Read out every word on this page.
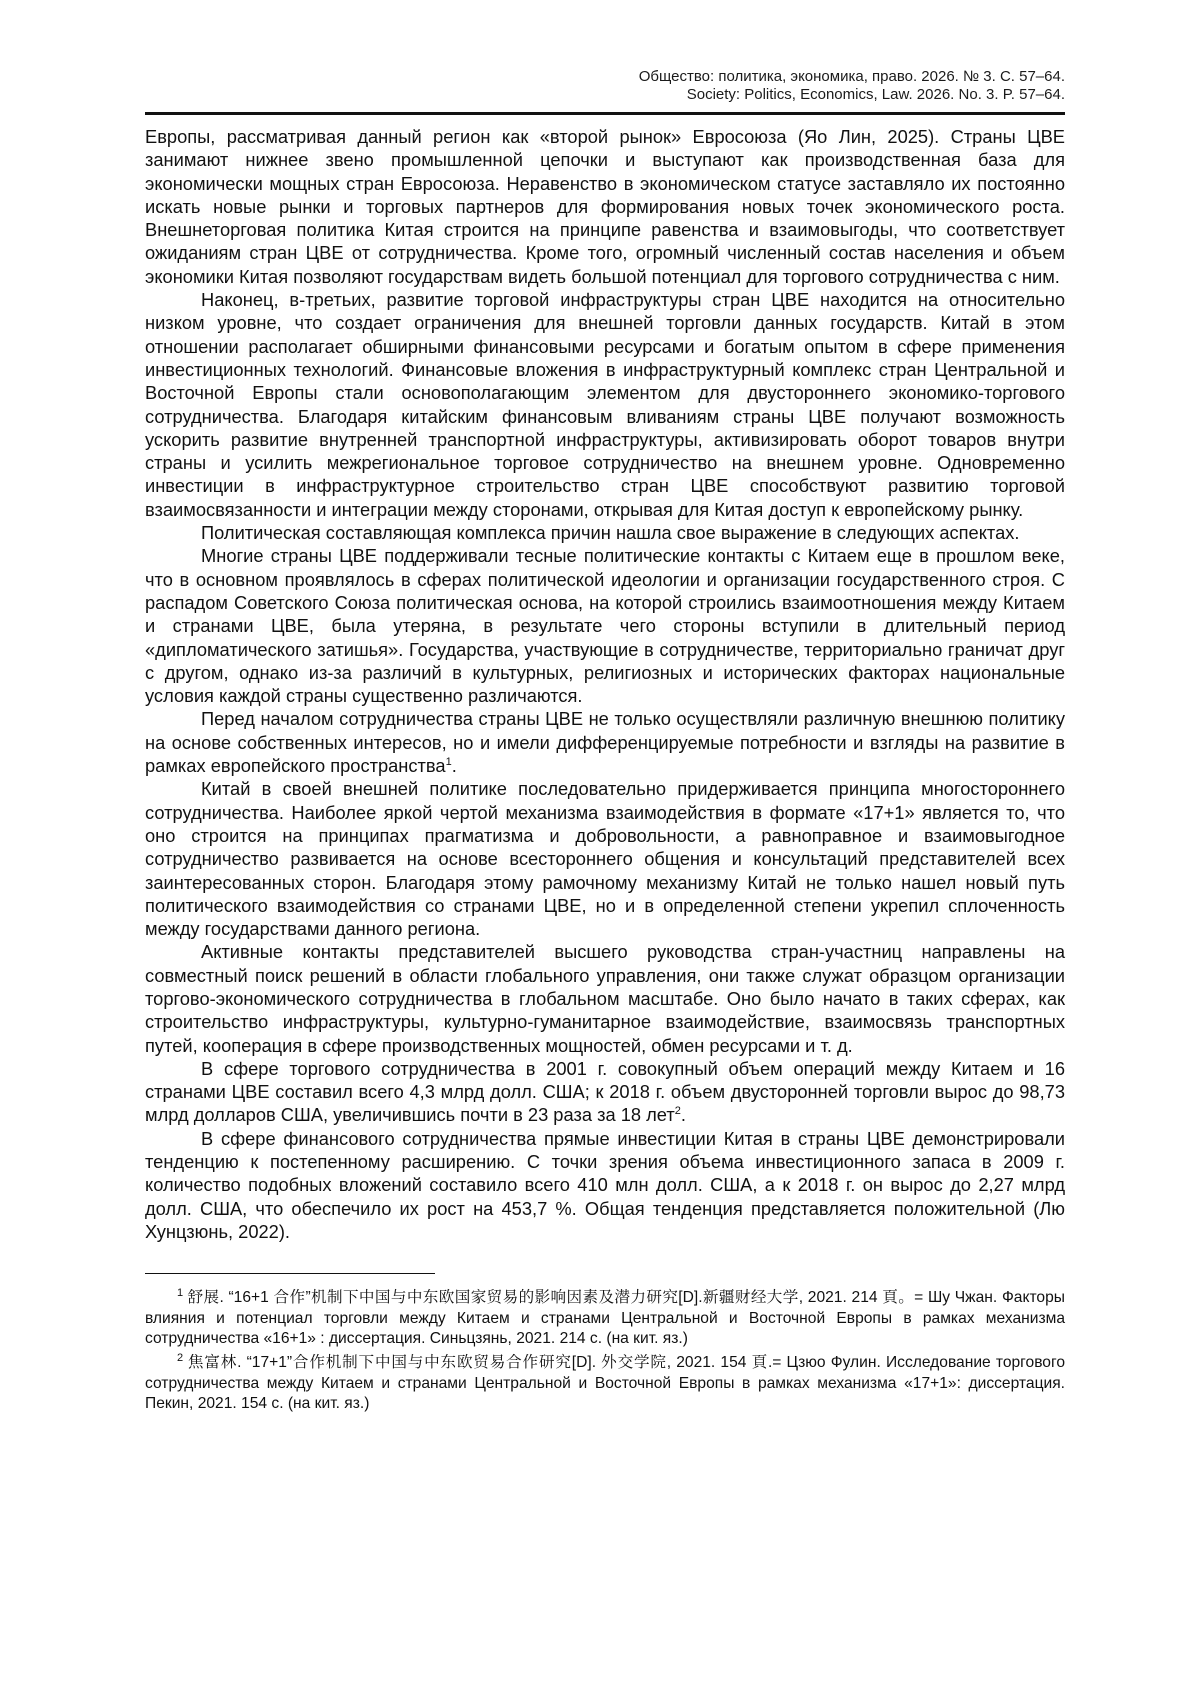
Общество: политика, экономика, право. 2026. № 3. С. 57–64.
Society: Politics, Economics, Law. 2026. No. 3. P. 57–64.

Европы, рассматривая данный регион как «второй рынок» Евросоюза (Яо Лин, 2025). Страны ЦВЕ занимают нижнее звено промышленной цепочки и выступают как производственная база для экономически мощных стран Евросоюза. Неравенство в экономическом статусе заставляло их постоянно искать новые рынки и торговых партнеров для формирования новых точек экономического роста. Внешнеторговая политика Китая строится на принципе равенства и взаимовыгоды, что соответствует ожиданиям стран ЦВЕ от сотрудничества. Кроме того, огромный численный состав населения и объем экономики Китая позволяют государствам видеть большой потенциал для торгового сотрудничества с ним.

Наконец, в-третьих, развитие торговой инфраструктуры стран ЦВЕ находится на относительно низком уровне, что создает ограничения для внешней торговли данных государств. Китай в этом отношении располагает обширными финансовыми ресурсами и богатым опытом в сфере применения инвестиционных технологий. Финансовые вложения в инфраструктурный комплекс стран Центральной и Восточной Европы стали основополагающим элементом для двустороннего экономико-торгового сотрудничества. Благодаря китайским финансовым вливаниям страны ЦВЕ получают возможность ускорить развитие внутренней транспортной инфраструктуры, активизировать оборот товаров внутри страны и усилить межрегиональное торговое сотрудничество на внешнем уровне. Одновременно инвестиции в инфраструктурное строительство стран ЦВЕ способствуют развитию торговой взаимосвязанности и интеграции между сторонами, открывая для Китая доступ к европейскому рынку.

Политическая составляющая комплекса причин нашла свое выражение в следующих аспектах.

Многие страны ЦВЕ поддерживали тесные политические контакты с Китаем еще в прошлом веке, что в основном проявлялось в сферах политической идеологии и организации государственного строя. С распадом Советского Союза политическая основа, на которой строились взаимоотношения между Китаем и странами ЦВЕ, была утеряна, в результате чего стороны вступили в длительный период «дипломатического затишья». Государства, участвующие в сотрудничестве, территориально граничат друг с другом, однако из-за различий в культурных, религиозных и исторических факторах национальные условия каждой страны существенно различаются.

Перед началом сотрудничества страны ЦВЕ не только осуществляли различную внешнюю политику на основе собственных интересов, но и имели дифференцируемые потребности и взгляды на развитие в рамках европейского пространства$^1$.

Китай в своей внешней политике последовательно придерживается принципа многостороннего сотрудничества. Наиболее яркой чертой механизма взаимодействия в формате «17+1» является то, что оно строится на принципах прагматизма и добровольности, а равноправное и взаимовыгодное сотрудничество развивается на основе всестороннего общения и консультаций представителей всех заинтересованных сторон. Благодаря этому рамочному механизму Китай не только нашел новый путь политического взаимодействия со странами ЦВЕ, но и в определенной степени укрепил сплоченность между государствами данного региона.

Активные контакты представителей высшего руководства стран-участниц направлены на совместный поиск решений в области глобального управления, они также служат образцом организации торгово-экономического сотрудничества в глобальном масштабе. Оно было начато в таких сферах, как строительство инфраструктуры, культурно-гуманитарное взаимодействие, взаимосвязь транспортных путей, кооперация в сфере производственных мощностей, обмен ресурсами и т. д.

В сфере торгового сотрудничества в 2001 г. совокупный объем операций между Китаем и 16 странами ЦВЕ составил всего 4,3 млрд долл. США; к 2018 г. объем двусторонней торговли вырос до 98,73 млрд долларов США, увеличившись почти в 23 раза за 18 лет$^2$.

В сфере финансового сотрудничества прямые инвестиции Китая в страны ЦВЕ демонстрировали тенденцию к постепенному расширению. С точки зрения объема инвестиционного запаса в 2009 г. количество подобных вложений составило всего 410 млн долл. США, а к 2018 г. он вырос до 2,27 млрд долл. США, что обеспечило их рост на 453,7 %. Общая тенденция представляется положительной (Лю Хунцзюнь, 2022).

$^1$ 舒展. “16+1 合作”机制下中国与中东欧国家贸易的影响因素及潜力研究[D].新疆财经大学, 2021. 214 頁。= Шу Чжан. Факторы влияния и потенциал торговли между Китаем и странами Центральной и Восточной Европы в рамках механизма сотрудничества «16+1» : диссертация. Синьцзянь, 2021. 214 с. (на кит. яз.)

$^2$ 焦富林. “17+1”合作机制下中国与中东欧贸易合作研究[D]. 外交学院, 2021. 154 頁.= Цзюо Фулин. Исследование торгового сотрудничества между Китаем и странами Центральной и Восточной Европы в рамках механизма «17+1»: диссертация. Пекин, 2021. 154 с. (на кит. яз.)
